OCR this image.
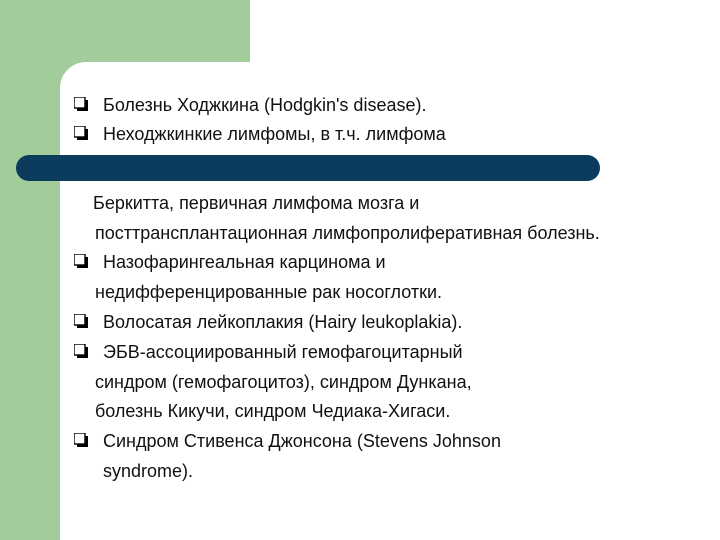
Болезнь Ходжкина (Hodgkin's disease).
Неходжкинкие лимфомы, в т.ч. лимфома
Беркитта, первичная лимфома мозга и
посттрансплантационная лимфопролиферативная болезнь.
Назофарингеальная карцинома и
недифференцированные рак носоглотки.
Волосатая лейкоплакия (Hairy leukoplakia).
ЭБВ-ассоциированный гемофагоцитарный
синдром (гемофагоцитоз), синдром Дункана,
болезнь Кикучи, синдром Чедиака-Хигаси.
Синдром Стивенса Джонсона (Stevens Johnson
syndrome).
